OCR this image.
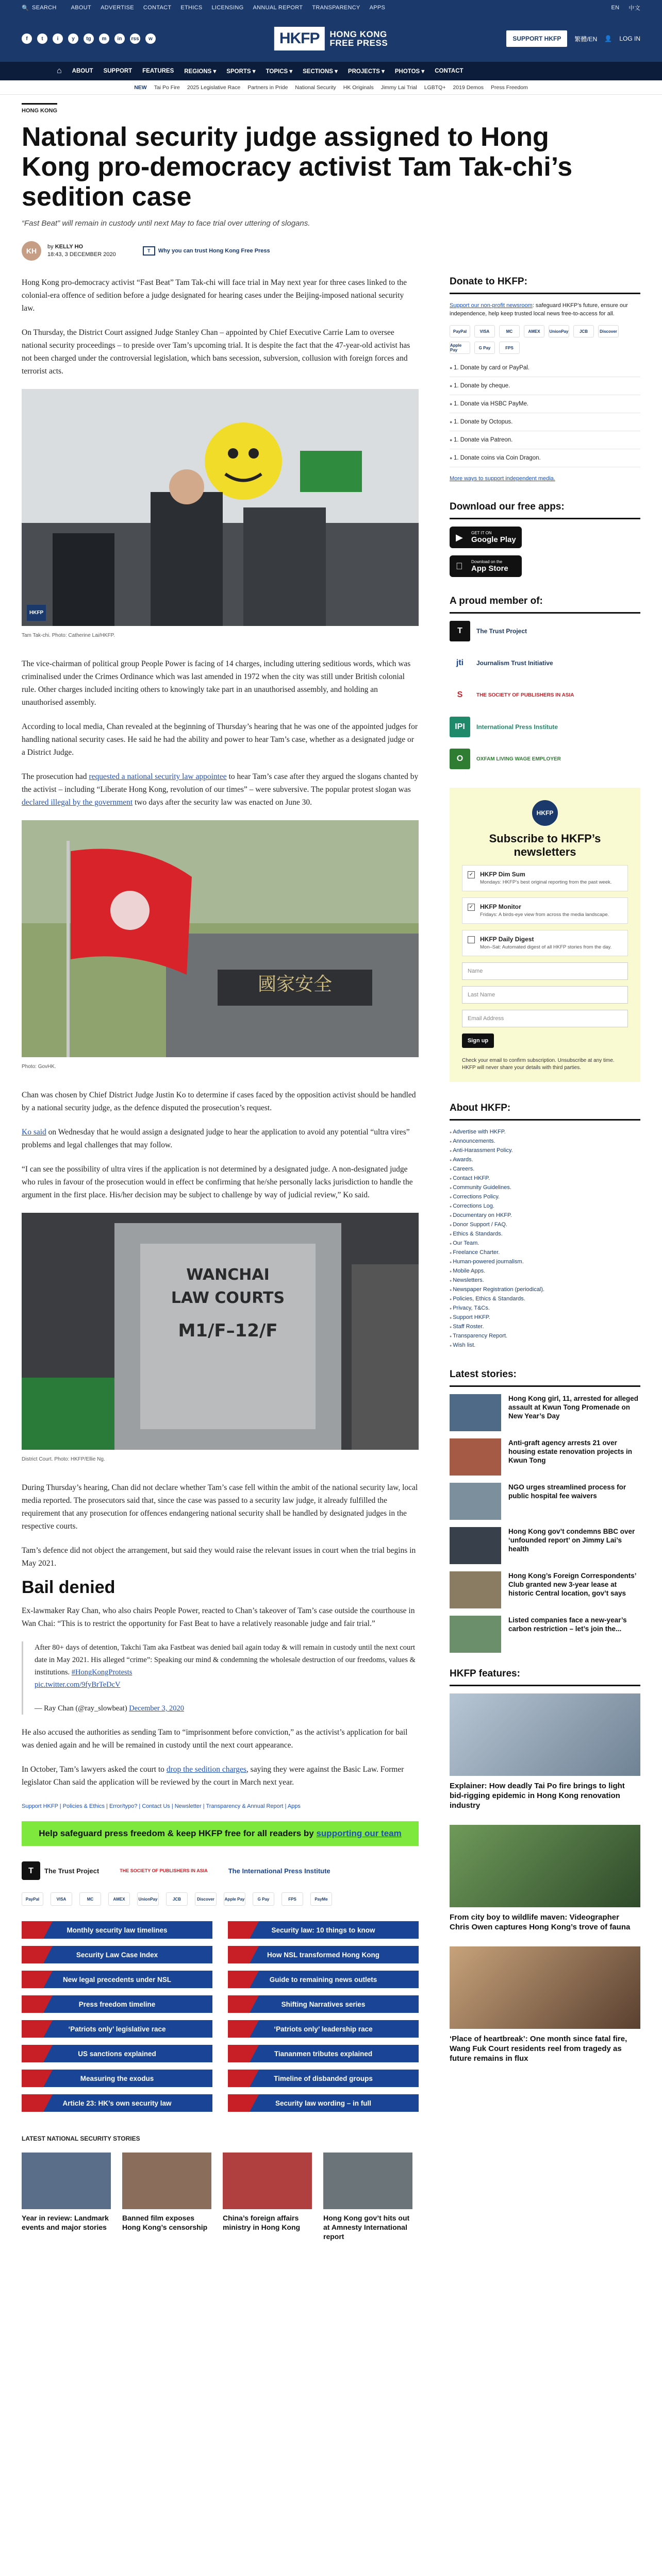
🔍 SEARCH	ABOUT ADVERTISE CONTACT ETHICS LICENSING ANNUAL REPORT TRANSPARENCY APPS	EN 中文
f	t	i	y	tg	m	in	rss	w	HKFP	HONG KONG
FREE PRESS	SUPPORT HKFP	繁體/EN 👤 LOG IN
⌂ ABOUT SUPPORT FEATURES REGIONS ▾ SPORTS ▾ TOPICS ▾ SECTIONS ▾ PROJECTS ▾ PHOTOS ▾ CONTACT
NEW Tai Po Fire 2025 Legislative Race Partners in Pride National Security HK Originals Jimmy Lai Trial LGBTQ+ 2019 Demos Press Freedom
HONG KONG
National security judge assigned to Hong Kong pro-democracy activist Tam Tak-chi’s sedition case
“Fast Beat” will remain in custody until next May to face trial over uttering of slogans.
KH	by KELLY HO
18:43, 3 DECEMBER 2020
T	Why you can trust Hong Kong Free Press

Hong Kong pro-democracy activist “Fast Beat” Tam Tak-chi will face trial in May next year for three cases linked to the colonial-era offence of sedition before a judge designated for hearing cases under the Beijing-imposed national security law.

On Thursday, the District Court assigned Judge Stanley Chan – appointed by Chief Executive Carrie Lam to oversee national security proceedings – to preside over Tam’s upcoming trial. It is despite the fact that the 47-year-old activist has not been charged under the controversial legislation, which bans secession, subversion, collusion with foreign forces and terrorist acts.

HKFP
Tam Tak-chi. Photo: Catherine Lai/HKFP.

The vice-chairman of political group People Power is facing of 14 charges, including uttering seditious words, which was criminalised under the Crimes Ordinance which was last amended in 1972 when the city was still under British colonial rule. Other charges included inciting others to knowingly take part in an unauthorised assembly, and holding an unauthorised assembly.

According to local media, Chan revealed at the beginning of Thursday’s hearing that he was one of the appointed judges for handling national security cases. He said he had the ability and power to hear Tam’s case, whether as a designated judge or a District Judge.

The prosecution had requested a national security law appointee to hear Tam’s case after they argued the slogans chanted by the activist – including “Liberate Hong Kong, revolution of our times” – were subversive. The popular protest slogan was declared illegal by the government two days after the security law was enacted on June 30.

國家安全
Photo: GovHK.

Chan was chosen by Chief District Judge Justin Ko to determine if cases faced by the opposition activist should be handled by a national security judge, as the defence disputed the prosecution’s request.

Ko said on Wednesday that he would assign a designated judge to hear the application to avoid any potential “ultra vires” problems and legal challenges that may follow.

“I can see the possibility of ultra vires if the application is not determined by a designated judge. A non-designated judge who rules in favour of the prosecution would in effect be confirming that he/she personally lacks jurisdiction to handle the argument in the first place. His/her decision may be subject to challenge by way of judicial review,” Ko said.

WANCHAI
LAW COURTS
M1/F–12/F
District Court. Photo: HKFP/Ellie Ng.

During Thursday’s hearing, Chan did not declare whether Tam’s case fell within the ambit of the national security law, local media reported. The prosecutors said that, since the case was passed to a security law judge, it already fulfilled the requirement that any prosecution for offences endangering national security shall be handled by designated judges in the respective courts.

Tam’s defence did not object the arrangement, but said they would raise the relevant issues in court when the trial begins in May 2021.

Bail denied

Ex-lawmaker Ray Chan, who also chairs People Power, reacted to Chan’s takeover of Tam’s case outside the courthouse in Wan Chai: “This is to restrict the opportunity for Fast Beat to have a relatively reasonable judge and fair trial.”

After 80+ days of detention, Takchi Tam aka Fastbeat was denied bail again today & will remain in custody until the next court date in May 2021. His alleged “crime”: Speaking our mind & condemning the wholesale destruction of our freedoms, values & institutions. #HongKongProtests
pic.twitter.com/9fyBrTeDcV

— Ray Chan (@ray_slowbeat) December 3, 2020

He also accused the authorities as sending Tam to “imprisonment before conviction,” as the activist’s application for bail was denied again and he will be remained in custody until the next court appearance.

In October, Tam’s lawyers asked the court to drop the sedition charges, saying they were against the Basic Law. Former legislator Chan said the application will be reviewed by the court in March next year.

Support HKFP | Policies & Ethics | Error/typo? | Contact Us | Newsletter | Transparency & Annual Report | Apps
Help safeguard press freedom & keep HKFP free for all readers by supporting our team
T	The Trust Project	THE SOCIETY OF PUBLISHERS IN ASIA	The International Press Institute
PayPal	VISA	MC	AMEX	UnionPay	JCB	Discover	Apple Pay	G Pay	FPS	PayMe
Monthly security law timelines	Security law: 10 things to know
Security Law Case Index	How NSL transformed Hong Kong
New legal precedents under NSL	Guide to remaining news outlets
Press freedom timeline	Shifting Narratives series
‘Patriots only’ legislative race	‘Patriots only’ leadership race
US sanctions explained	Tiananmen tributes explained
Measuring the exodus	Timeline of disbanded groups
Article 23: HK’s own security law	Security law wording – in full
LATEST NATIONAL SECURITY STORIES
Year in review: Landmark events and major stories
Banned film exposes Hong Kong’s censorship
China’s foreign affairs ministry in Hong Kong
Hong Kong gov’t hits out at Amnesty International report
Donate to HKFP:
Support our non-profit newsroom: safeguard HKFP’s future, ensure our independence, help keep trusted local news free-to-access for all.
PayPal	VISA	MC	AMEX	UnionPay	JCB	Discover
Apple Pay	G Pay	FPS
● 1. Donate by card or PayPal.
● 1. Donate by cheque.
● 1. Donate via HSBC PayMe.
● 1. Donate by Octopus.
● 1. Donate via Patreon.
● 1. Donate coins via Coin Dragon.
More ways to support independent media.
Download our free apps:
▶ GET IT ON
Google Play
Download on the
App Store
A proud member of:
T	The Trust Project
jti	Journalism Trust Initiative
S	THE SOCIETY OF PUBLISHERS IN ASIA
IPI	International Press Institute
O	OXFAM LIVING WAGE EMPLOYER
HKFP
Subscribe to HKFP’s newsletters
✓ HKFP Dim Sum

Mondays: HKFP’s best original reporting from the past week.

✓ HKFP Monitor

Fridays: A birds-eye view from across the media landscape.

HKFP Daily Digest

Mon–Sat: Automated digest of all HKFP stories from the day.

Name
Last Name
Email Address
Sign up
Check your email to confirm subscription. Unsubscribe at any time. HKFP will never share your details with third parties.
About HKFP:
● Advertise with HKFP.
● Announcements.
● Anti-Harassment Policy.
● Awards.
● Careers.
● Contact HKFP.
● Community Guidelines.
● Corrections Policy.
● Corrections Log.
● Documentary on HKFP.
● Donor Support / FAQ.
● Ethics & Standards.
● Our Team.
● Freelance Charter.
● Human-powered journalism.
● Mobile Apps.
● Newsletters.
● Newspaper Registration (periodical).
● Policies, Ethics & Standards.
● Privacy, T&Cs.
● Support HKFP.
● Staff Roster.
● Transparency Report.
● Wish list.
Latest stories:
Hong Kong girl, 11, arrested for alleged assault at Kwun Tong Promenade on New Year’s Day
Anti-graft agency arrests 21 over housing estate renovation projects in Kwun Tong
NGO urges streamlined process for public hospital fee waivers
Hong Kong gov’t condemns BBC over ‘unfounded report’ on Jimmy Lai’s health
Hong Kong’s Foreign Correspondents’ Club granted new 3-year lease at historic Central location, gov’t says
Listed companies face a new-year’s carbon restriction – let’s join the...
HKFP features:
Explainer: How deadly Tai Po fire brings to light bid-rigging epidemic in Hong Kong renovation industry
From city boy to wildlife maven: Videographer Chris Owen captures Hong Kong’s trove of fauna
‘Place of heartbreak’: One month since fatal fire, Wang Fuk Court residents reel from tragedy as future remains in flux
